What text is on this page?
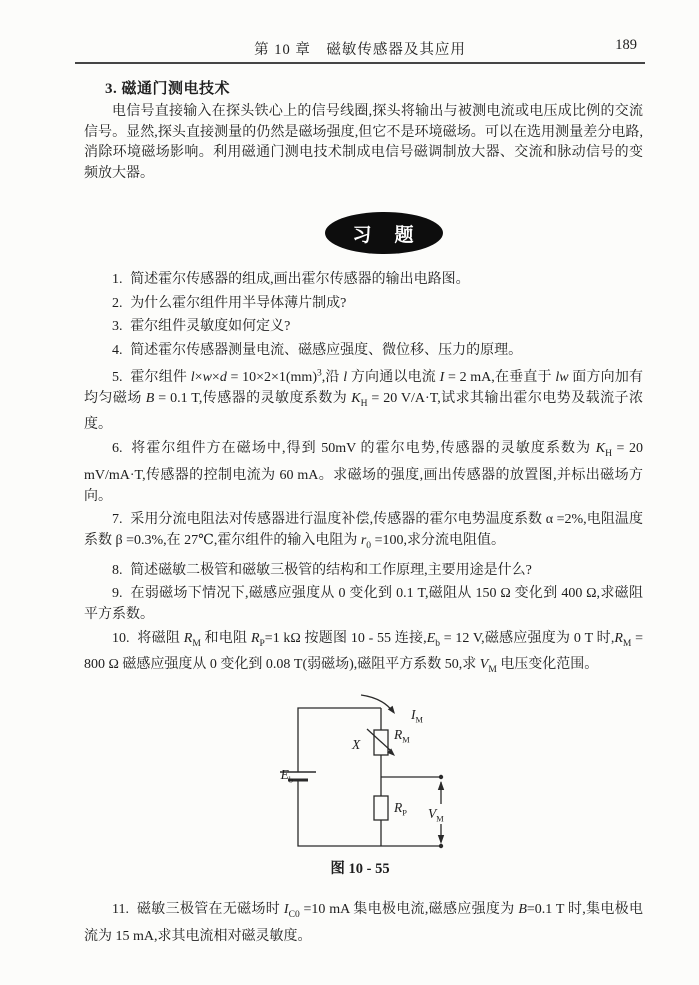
第 10 章　磁敏传感器及其应用	189
3. 磁通门测电技术

电信号直接输入在探头铁心上的信号线圈,探头将输出与被测电流或电压成比例的交流信号。显然,探头直接测量的仍然是磁场强度,但它不是环境磁场。可以在选用测量差分电路,消除环境磁场影响。利用磁通门测电技术制成电信号磁调制放大器、交流和脉动信号的变频放大器。

习　题

1. 简述霍尔传感器的组成,画出霍尔传感器的输出电路图。

2. 为什么霍尔组件用半导体薄片制成?

3. 霍尔组件灵敏度如何定义?

4. 简述霍尔传感器测量电流、磁感应强度、微位移、压力的原理。

5. 霍尔组件 l×w×d = 10×2×1(mm)$^3$,沿 l 方向通以电流 I = 2 mA,在垂直于 lw 面方向加有均匀磁场 B = 0.1 T,传感器的灵敏度系数为 $K_H = 20$ V/A·T,试求其输出霍尔电势及载流子浓度。

6. 将霍尔组件方在磁场中,得到 50mV 的霍尔电势,传感器的灵敏度系数为 $K_H = 20$ mV/mA·T,传感器的控制电流为 60 mA。求磁场的强度,画出传感器的放置图,并标出磁场方向。

7. 采用分流电阻法对传感器进行温度补偿,传感器的霍尔电势温度系数 α =2%,电阻温度系数 β =0.3%,在 27℃,霍尔组件的输入电阻为 $r_0 =100$,求分流电阻值。

8. 简述磁敏二极管和磁敏三极管的结构和工作原理,主要用途是什么?

9. 在弱磁场下情况下,磁感应强度从 0 变化到 0.1 T,磁阻从 150 Ω 变化到 400 Ω,求磁阻平方系数。

10. 将磁阻 $R_M$ 和电阻 $R_P=1$ kΩ 按题图 10 - 55 连接$,E_b = 12$ V,磁感应强度为 0 T 时$,R_M = 800$ Ω 磁感应强度从 0 变化到 0.08 T(弱磁场),磁阻平方系数 50,求 $V_M$ 电压变化范围。

$E_b$
X
$R_M$
$I_M$
$R_P$ $V_M$
图 10 - 55

11. 磁敏三极管在无磁场时 $I_{C0} =10$ mA 集电极电流,磁感应强度为 B=0.1 T 时,集电极电流为 15 mA,求其电流相对磁灵敏度。
